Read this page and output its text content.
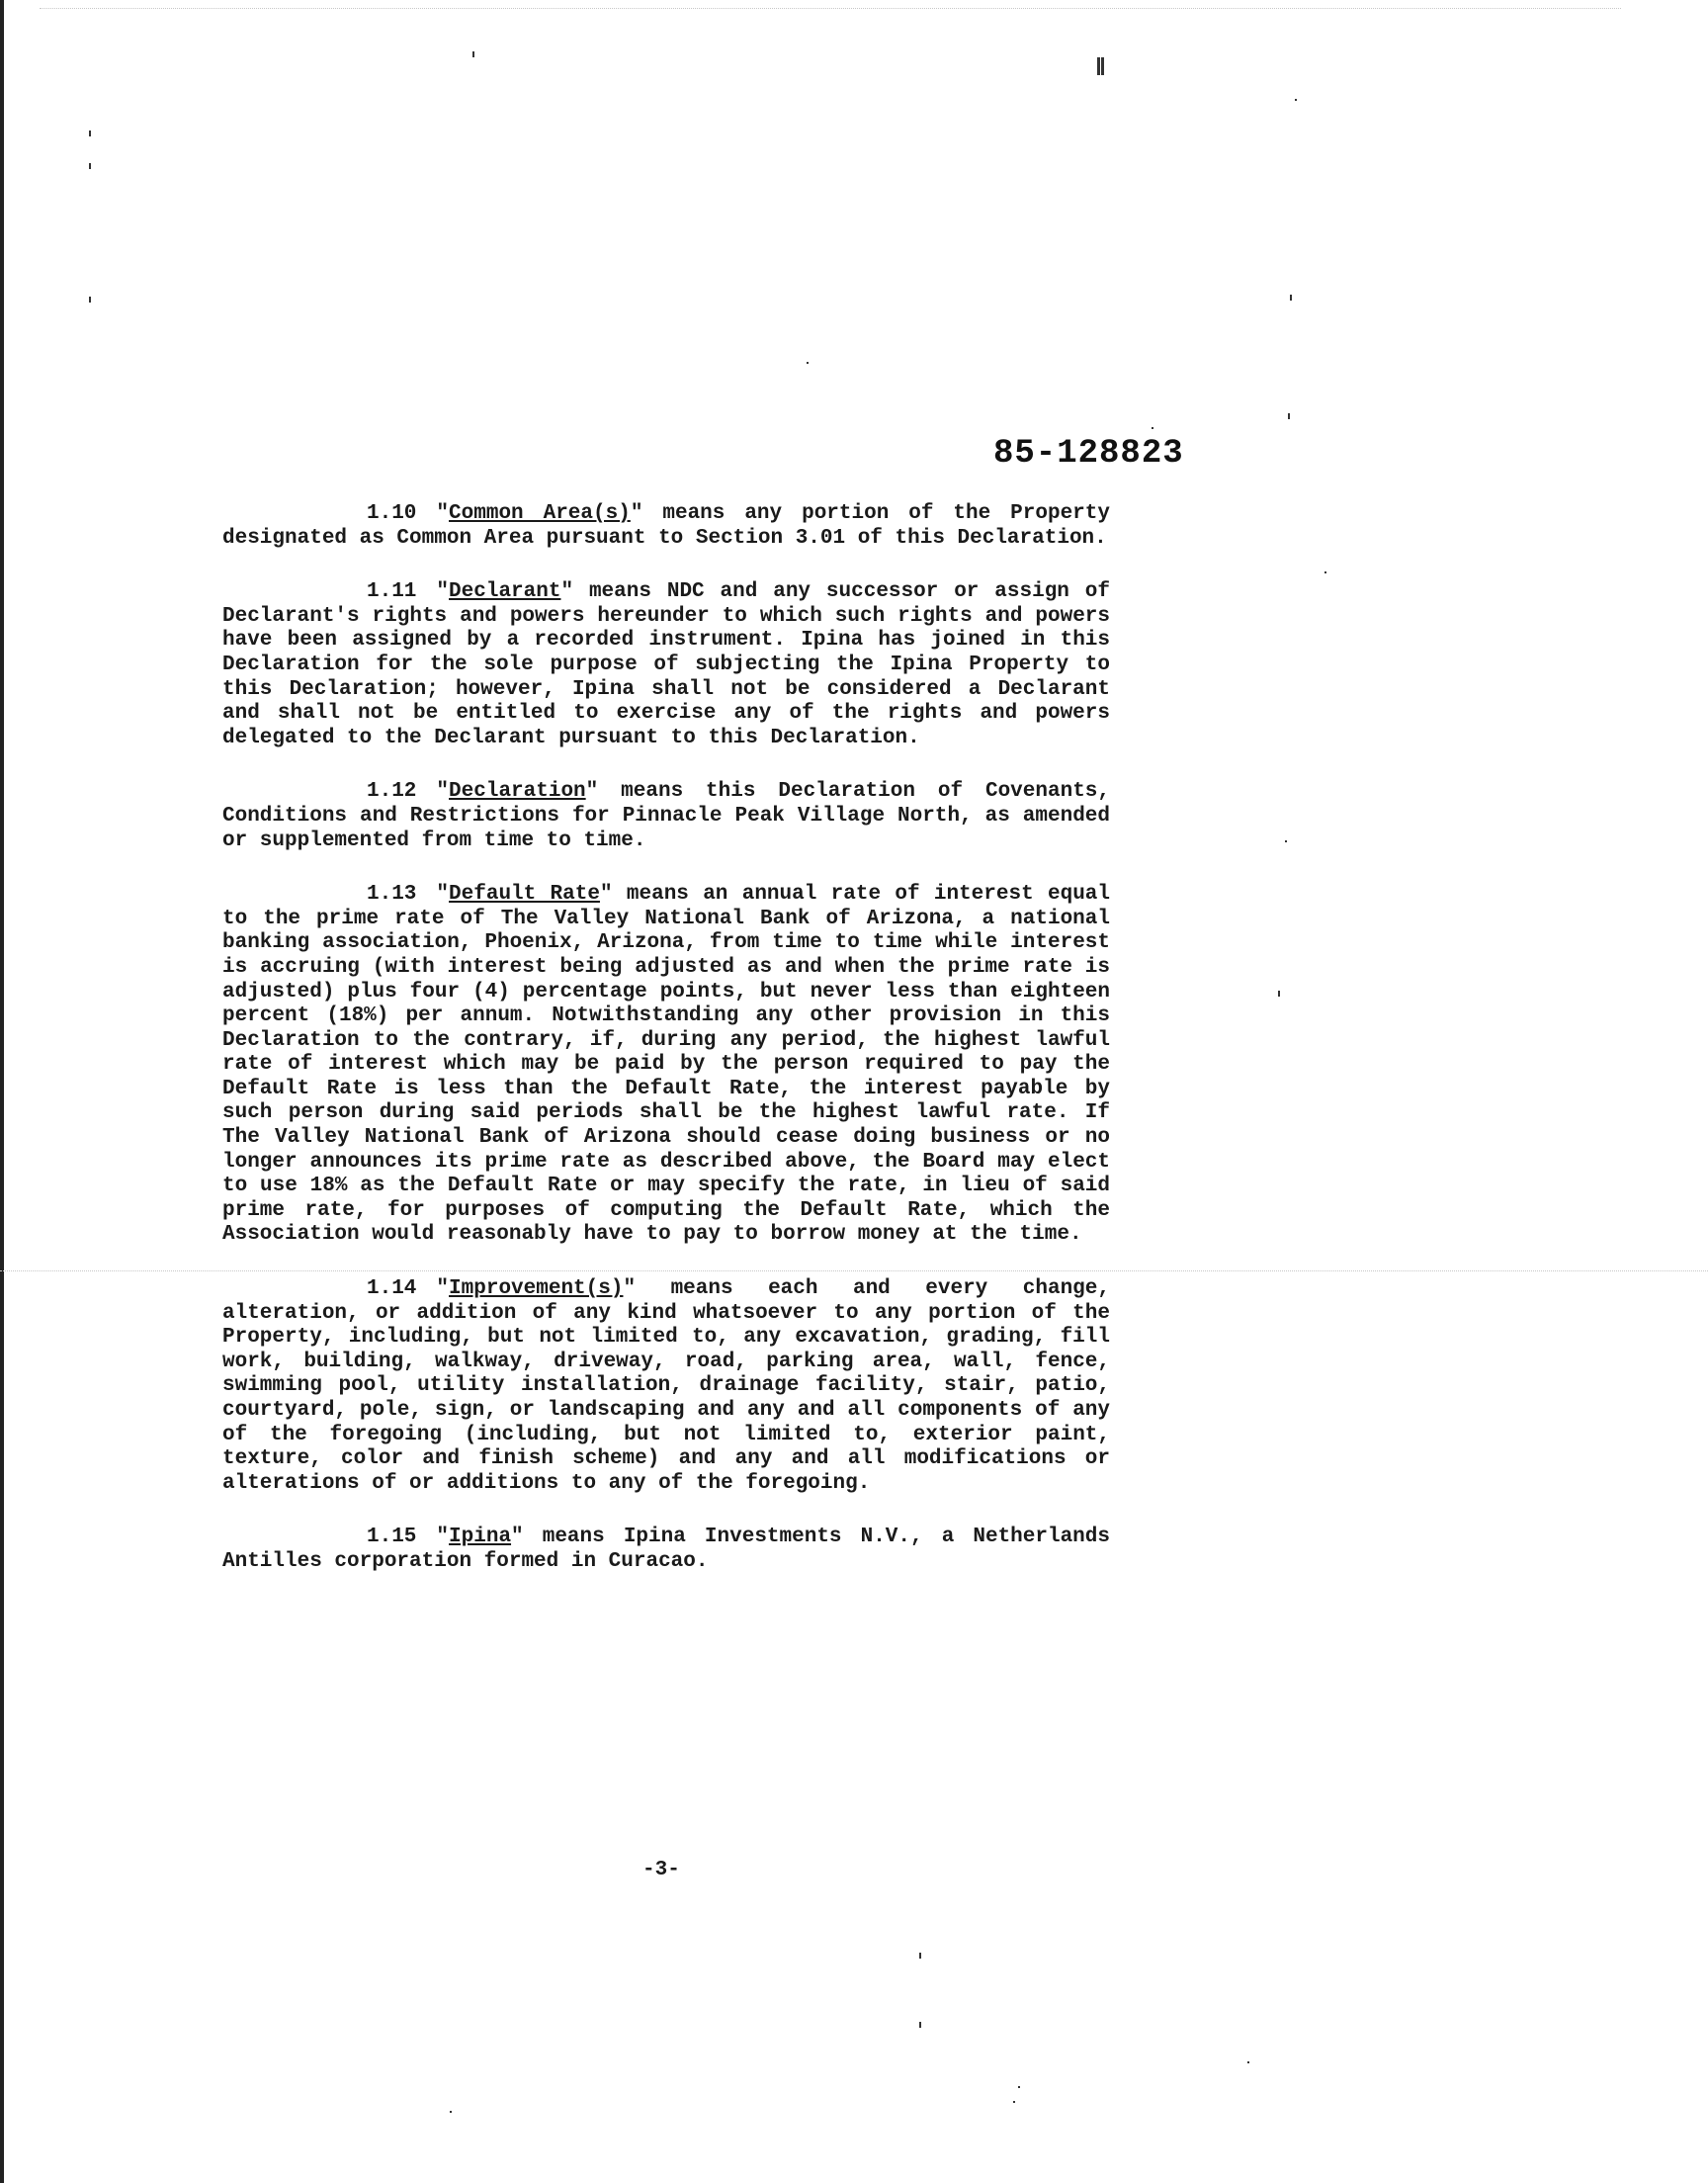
85-128823

1.10 "Common Area(s)" means any portion of the Property designated as Common Area pursuant to Section 3.01 of this Declaration.

1.11 "Declarant" means NDC and any successor or assign of Declarant's rights and powers hereunder to which such rights and powers have been assigned by a recorded instrument. Ipina has joined in this Declaration for the sole purpose of subjecting the Ipina Property to this Declaration; however, Ipina shall not be considered a Declarant and shall not be entitled to exercise any of the rights and powers delegated to the Declarant pursuant to this Declaration.

1.12 "Declaration" means this Declaration of Covenants, Conditions and Restrictions for Pinnacle Peak Village North, as amended or supplemented from time to time.

1.13 "Default Rate" means an annual rate of interest equal to the prime rate of The Valley National Bank of Arizona, a national banking association, Phoenix, Arizona, from time to time while interest is accruing (with interest being adjusted as and when the prime rate is adjusted) plus four (4) percentage points, but never less than eighteen percent (18%) per annum. Notwithstanding any other provision in this Declaration to the contrary, if, during any period, the highest lawful rate of interest which may be paid by the person required to pay the Default Rate is less than the Default Rate, the interest payable by such person during said periods shall be the highest lawful rate. If The Valley National Bank of Arizona should cease doing business or no longer announces its prime rate as described above, the Board may elect to use 18% as the Default Rate or may specify the rate, in lieu of said prime rate, for purposes of computing the Default Rate, which the Association would reasonably have to pay to borrow money at the time.

1.14 "Improvement(s)" means each and every change, alteration, or addition of any kind whatsoever to any portion of the Property, including, but not limited to, any excavation, grading, fill work, building, walkway, driveway, road, parking area, wall, fence, swimming pool, utility installation, drainage facility, stair, patio, courtyard, pole, sign, or landscaping and any and all components of any of the foregoing (including, but not limited to, exterior paint, texture, color and finish scheme) and any and all modifications or alterations of or additions to any of the foregoing.

1.15 "Ipina" means Ipina Investments N.V., a Netherlands Antilles corporation formed in Curacao.

-3-
